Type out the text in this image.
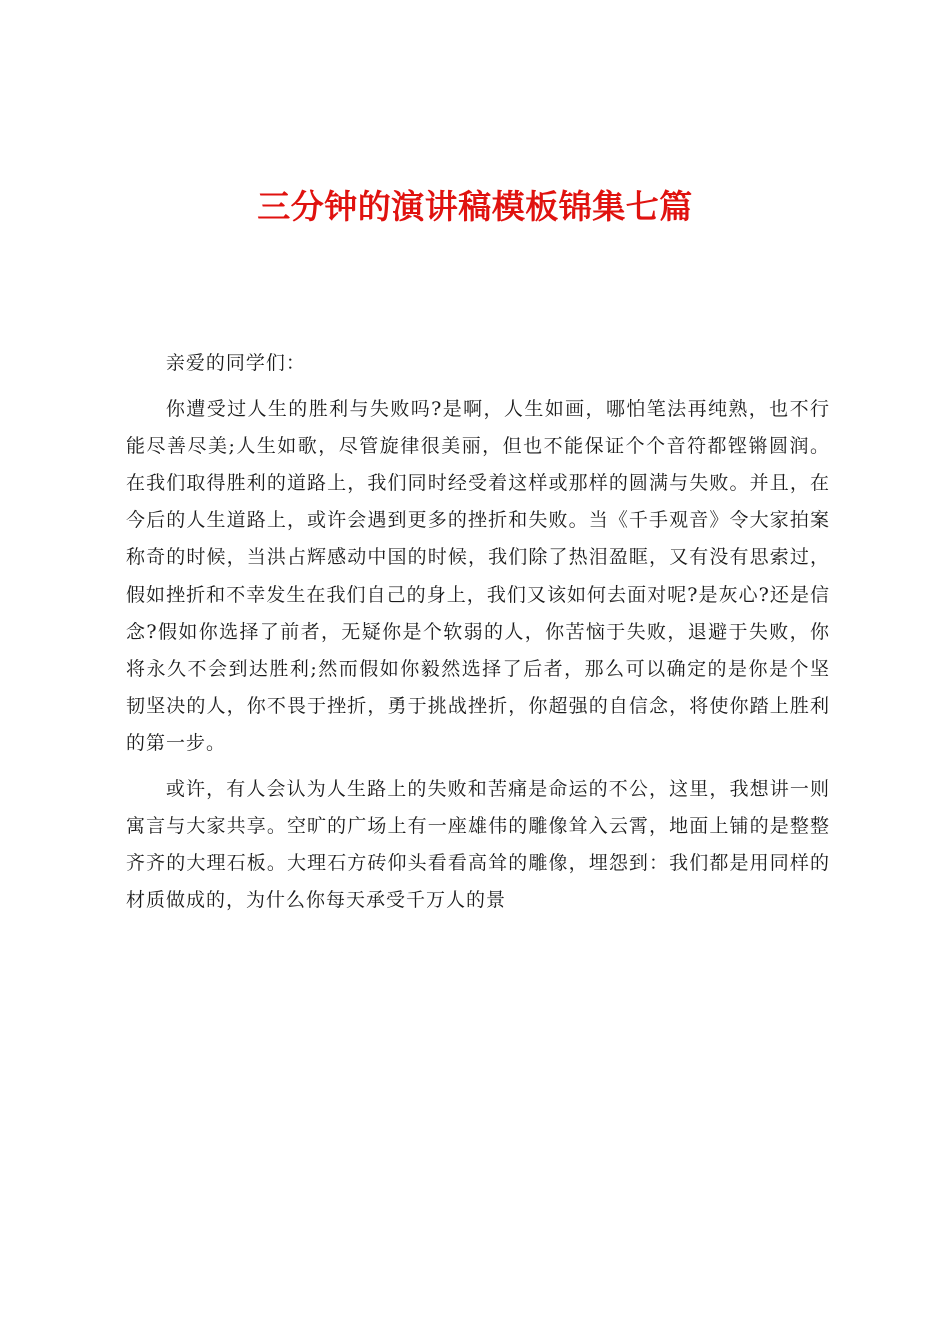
三分钟的演讲稿模板锦集七篇

亲爱的同学们：

你遭受过人生的胜利与失败吗?是啊，人生如画，哪怕笔法再纯熟，也不行能尽善尽美;人生如歌，尽管旋律很美丽，但也不能保证个个音符都铿锵圆润。在我们取得胜利的道路上，我们同时经受着这样或那样的圆满与失败。并且，在今后的人生道路上，或许会遇到更多的挫折和失败。当《千手观音》令大家拍案称奇的时候，当洪占辉感动中国的时候，我们除了热泪盈眶，又有没有思索过，假如挫折和不幸发生在我们自己的身上，我们又该如何去面对呢?是灰心?还是信念?假如你选择了前者，无疑你是个软弱的人，你苦恼于失败，退避于失败，你将永久不会到达胜利;然而假如你毅然选择了后者，那么可以确定的是你是个坚韧坚决的人，你不畏于挫折，勇于挑战挫折，你超强的自信念，将使你踏上胜利的第一步。

或许，有人会认为人生路上的失败和苦痛是命运的不公，这里，我想讲一则寓言与大家共享。空旷的广场上有一座雄伟的雕像耸入云霄，地面上铺的是整整齐齐的大理石板。大理石方砖仰头看看高耸的雕像，埋怨到：我们都是用同样的材质做成的，为什么你每天承受千万人的景
